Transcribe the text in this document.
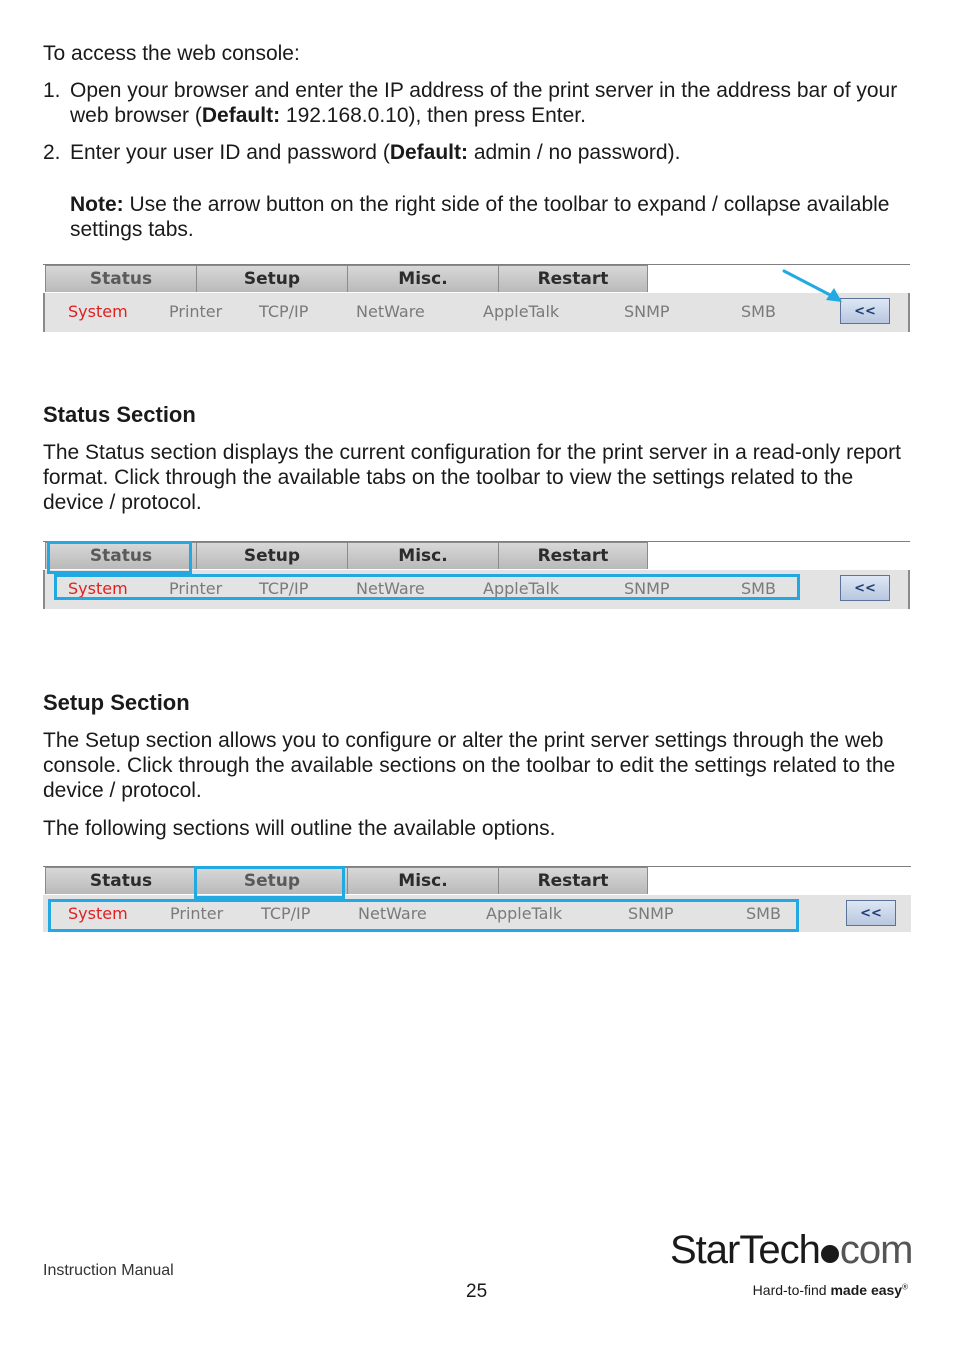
To access the web console:
1. Open your browser and enter the IP address of the print server in the address bar of your web browser (Default: 192.168.0.10), then press Enter.
2. Enter your user ID and password (Default: admin / no password).
Note: Use the arrow button on the right side of the toolbar to expand / collapse available settings tabs.
Status	Setup	Misc.	Restart
System	Printer TCP/IP	NetWare	AppleTalk	SNMP	SMB	<<
Status Section
The Status section displays the current configuration for the print server in a read-only report format. Click through the available tabs on the toolbar to view the settings related to the device / protocol.
Status	Setup	Misc.	Restart
System	Printer TCP/IP	NetWare	AppleTalk	SNMP	SMB	<<
Setup Section
The Setup section allows you to configure or alter the print server settings through the web console. Click through the available sections on the toolbar to edit the settings related to the device / protocol.
The following sections will outline the available options.
Status	Setup	Misc.	Restart
System	Printer TCP/IP	NetWare	AppleTalk	SNMP	SMB	<<
Instruction Manual
25
StarTech com
Hard-to-find made easy®
